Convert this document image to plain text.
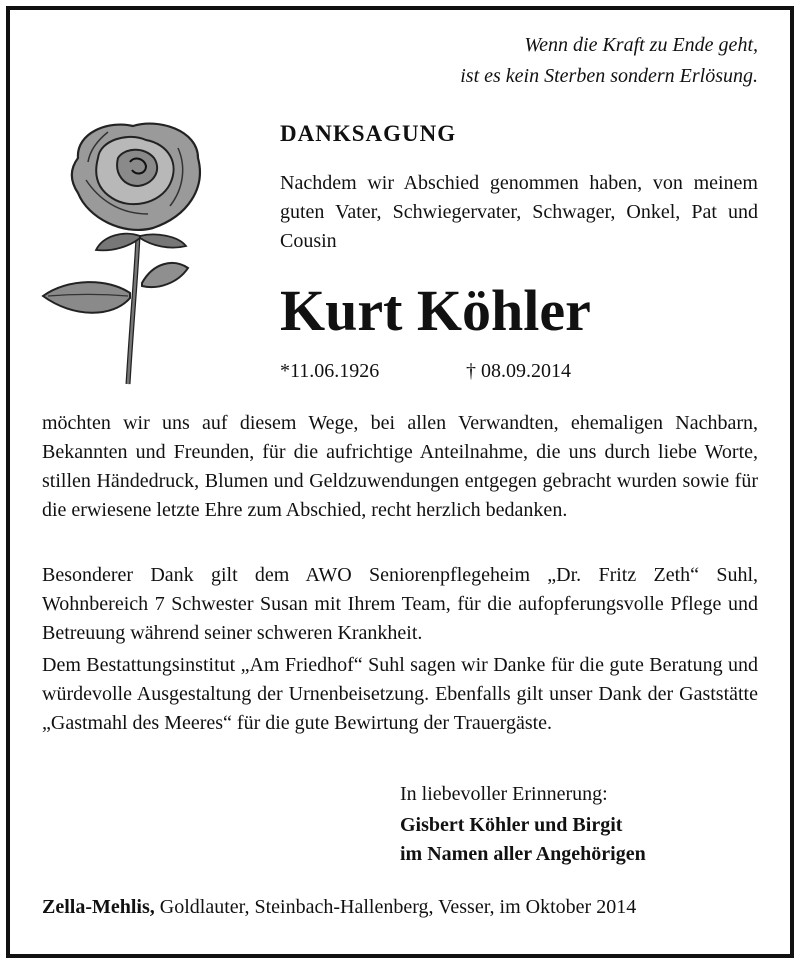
Wenn die Kraft zu Ende geht,
ist es kein Sterben sondern Erlösung.
DANKSAGUNG

Nachdem wir Abschied genommen haben, von meinem guten Vater, Schwiegervater, Schwager, Onkel, Pat und Cousin

Kurt Köhler
*11.06.1926	† 08.09.2014

möchten wir uns auf diesem Wege, bei allen Verwandten, ehemaligen Nachbarn, Bekannten und Freunden, für die aufrichtige Anteilnahme, die uns durch liebe Worte, stillen Händedruck, Blumen und Geldzuwendungen entgegen gebracht wurden sowie für die erwiesene letzte Ehre zum Abschied, recht herzlich bedanken.

Besonderer Dank gilt dem AWO Seniorenpflegeheim „Dr. Fritz Zeth“ Suhl, Wohnbereich 7 Schwester Susan mit Ihrem Team, für die aufopferungsvolle Pflege und Betreuung während seiner schweren Krankheit.

Dem Bestattungsinstitut „Am Friedhof“ Suhl sagen wir Danke für die gute Beratung und würdevolle Ausgestaltung der Urnenbeisetzung. Ebenfalls gilt unser Dank der Gaststätte „Gastmahl des Meeres“ für die gute Bewirtung der Trauergäste.

In liebevoller Erinnerung:
Gisbert Köhler und Birgit
im Namen aller Angehörigen
Zella-Mehlis, Goldlauter, Steinbach-Hallenberg, Vesser, im Oktober 2014
